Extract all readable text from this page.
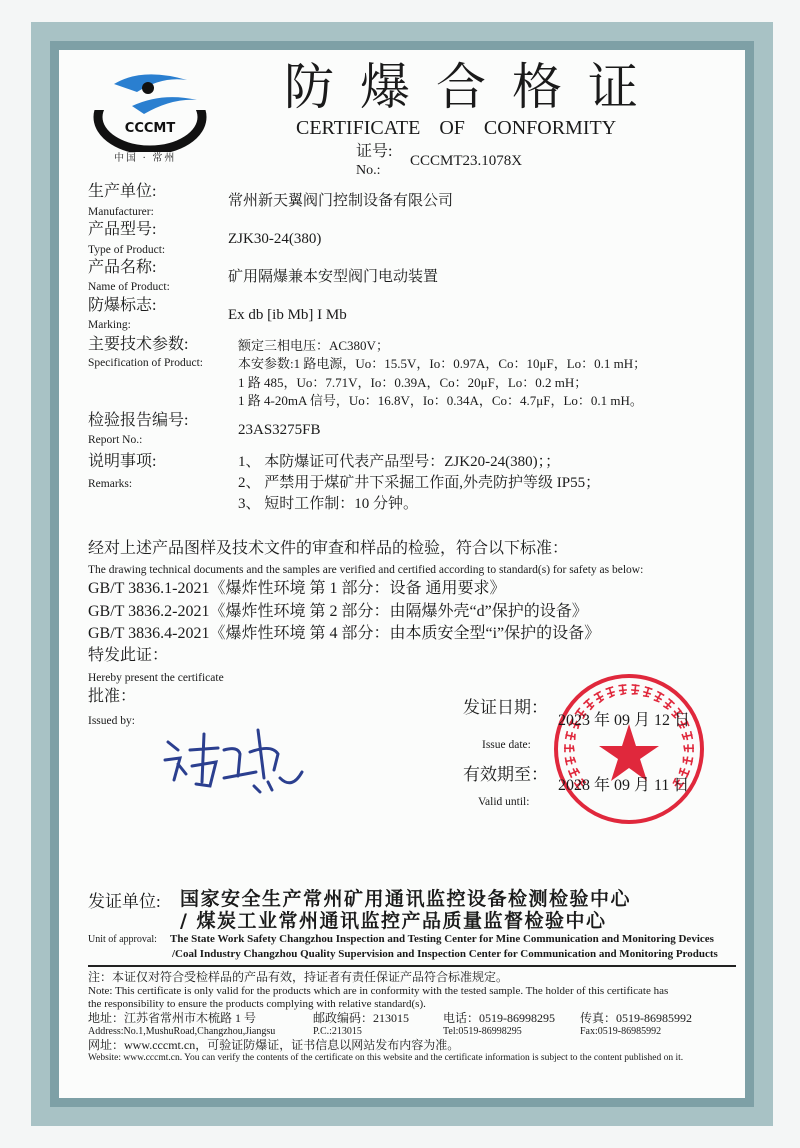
CCCMT
中国 · 常州
防爆合格证
CERTIFICATE OF CONFORMITY
证号:
No.:
CCCMT23.1078X
生产单位:
Manufacturer:
常州新天翼阀门控制设备有限公司
产品型号:
Type of Product:
ZJK30-24(380)
产品名称:
Name of Product:
矿用隔爆兼本安型阀门电动装置
防爆标志:
Marking:
Ex db [ib Mb] I Mb
主要技术参数:
Specification of Product:
额定三相电压：AC380V；
本安参数:1 路电源，Uo：15.5V，Io：0.97A，Co：10μF，Lo：0.1 mH；
1 路 485，Uo：7.71V，Io：0.39A，Co：20μF，Lo：0.2 mH；
1 路 4-20mA 信号，Uo：16.8V，Io：0.34A，Co：4.7μF，Lo：0.1 mH。
检验报告编号:
Report No.:
23AS3275FB
说明事项:
Remarks:
1、 本防爆证可代表产品型号：ZJK20-24(380)；；
2、 严禁用于煤矿井下采掘工作面,外壳防护等级 IP55；
3、 短时工作制：10 分钟。
经对上述产品图样及技术文件的审查和样品的检验，符合以下标准：
The drawing technical documents and the samples are verified and certified according to standard(s) for safety as below:
GB/T 3836.1-2021《爆炸性环境 第 1 部分：设备 通用要求》
GB/T 3836.2-2021《爆炸性环境 第 2 部分：由隔爆外壳“d”保护的设备》
GB/T 3836.4-2021《爆炸性环境 第 4 部分：由本质安全型“i”保护的设备》
特发此证：
Hereby present the certificate
批准：
Issued by:
发证日期：
2023 年 09 月 12 日
Issue date:
有效期至：
2028 年 09 月 11 日
Valid until:
发证单位: 国家安全生产常州矿用通讯监控设备检测检验中心
/ 煤炭工业常州通讯监控产品质量监督检验中心
Unit of approval: The State Work Safety Changzhou Inspection and Testing Center for Mine Communication and Monitoring Devices
/Coal Industry Changzhou Quality Supervision and Inspection Center for Communication and Monitoring Products
注：本证仅对符合受检样品的产品有效，持证者有责任保证产品符合标准规定。
Note: This certificate is only valid for the products which are in conformity with the tested sample. The holder of this certificate has
the responsibility to ensure the products complying with relative standard(s).
地址：江苏省常州市木梳路 1 号	邮政编码：213015	电话：0519-86998295	传真：0519-86985992
Address:No.1,MushuRoad,Changzhou,Jiangsu	P.C.:213015	Tel:0519-86998295	Fax:0519-86985992
网址：www.cccmt.cn，可验证防爆证，证书信息以网站发布内容为准。
Website: www.cccmt.cn. You can verify the contents of the certificate on this website and the certificate information is subject to the content published on it.
